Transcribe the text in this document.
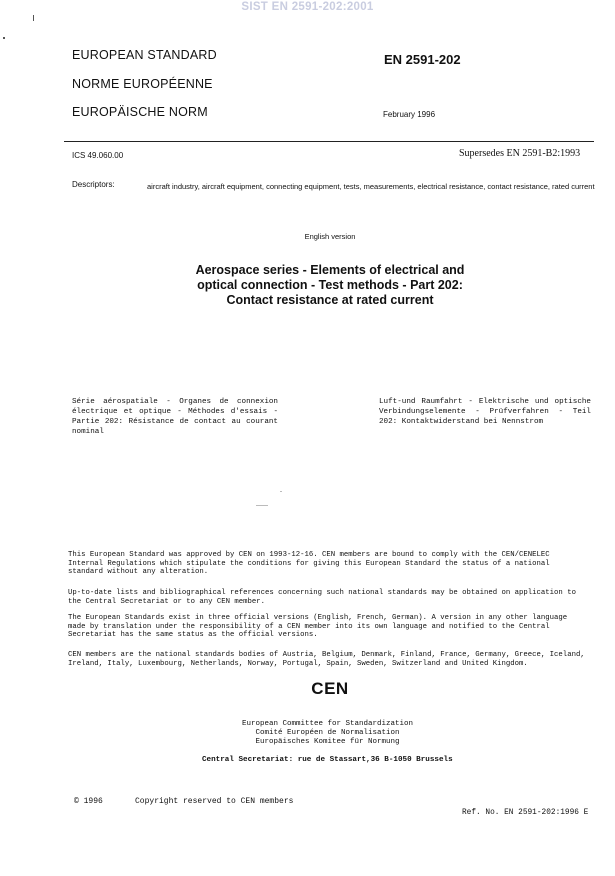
SIST EN 2591-202:2001
EUROPEAN STANDARD
NORME EUROPÉENNE
EUROPÄISCHE NORM
EN 2591-202
February 1996
ICS 49.060.00	Supersedes EN 2591-B2:1993
Descriptors:	aircraft industry, aircraft equipment, connecting equipment, tests, measurements, electrical resistance, contact resistance, rated current
English version
Aerospace series - Elements of electrical and
optical connection - Test methods - Part 202:
Contact resistance at rated current
Série aérospatiale - Organes de connexion électrique et optique - Méthodes d'essais - Partie 202: Résistance de contact au courant nominal
Luft-und Raumfahrt - Elektrische und optische Verbindungselemente - Prüfverfahren - Teil 202: Kontaktwiderstand bei Nennstrom
This European Standard was approved by CEN on 1993-12-16. CEN members are bound to comply with the CEN/CENELEC Internal Regulations which stipulate the conditions for giving this European Standard the status of a national standard without any alteration.
Up-to-date lists and bibliographical references concerning such national standards may be obtained on application to the Central Secretariat or to any CEN member.
The European Standards exist in three official versions (English, French, German). A version in any other language made by translation under the responsibility of a CEN member into its own language and notified to the Central Secretariat has the same status as the official versions.
CEN members are the national standards bodies of Austria, Belgium, Denmark, Finland, France, Germany, Greece, Iceland, Ireland, Italy, Luxembourg, Netherlands, Norway, Portugal, Spain, Sweden, Switzerland and United Kingdom.
CEN
European Committee for Standardization
Comité Européen de Normalisation
Europäisches Komitee für Normung
Central Secretariat: rue de Stassart,36 B-1050 Brussels
© 1996	Copyright reserved to CEN members
Ref. No. EN 2591-202:1996 E
